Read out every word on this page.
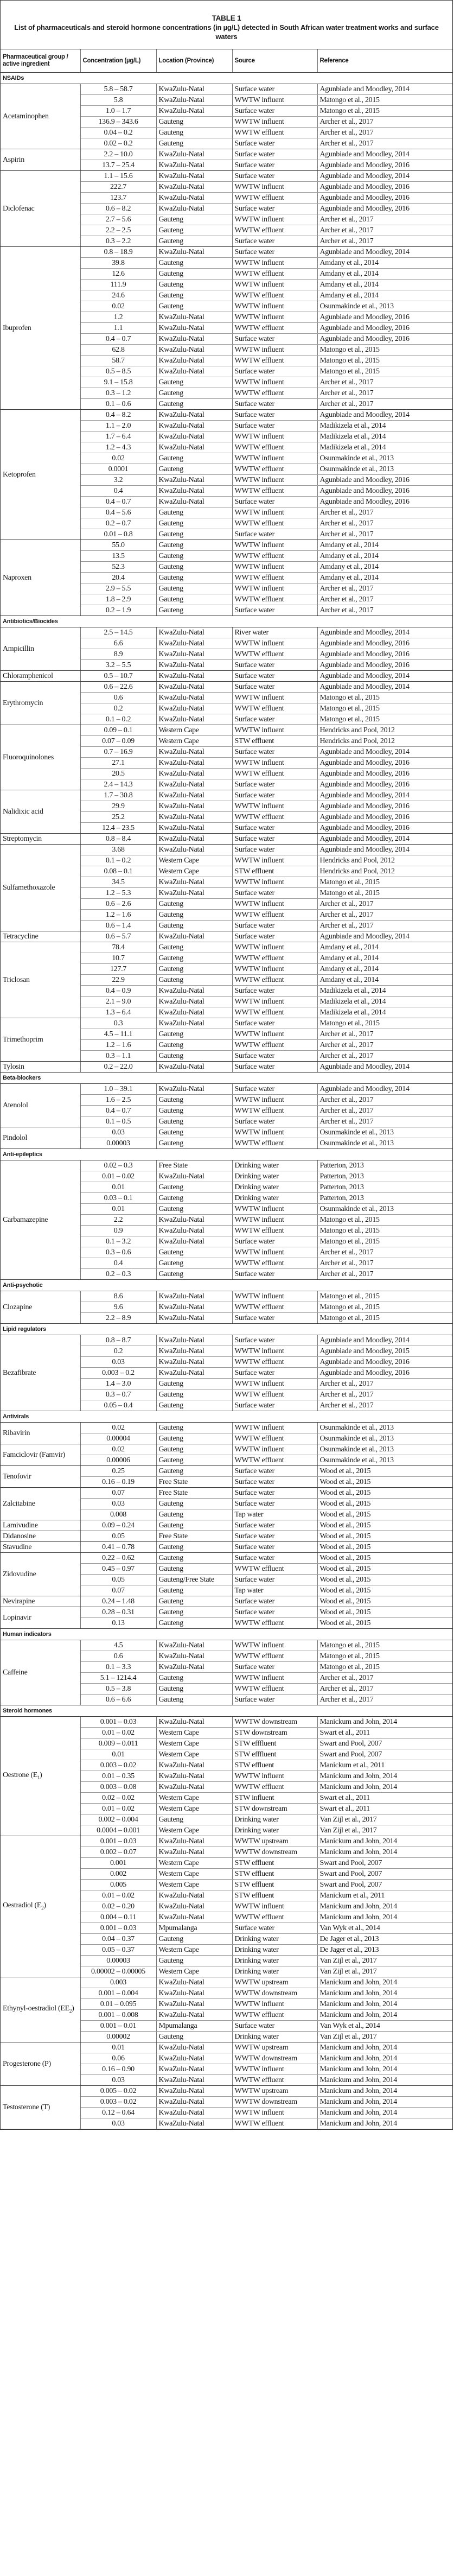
TABLE 1
List of pharmaceuticals and steroid hormone concentrations (in µg/L) detected in South African water treatment works and surface waters
Pharmaceutical group / active ingredient	Concentration (µg/L)	Location (Province)	Source	Reference
NSAIDs				
Acetaminophen	5.8 – 58.7	KwaZulu-Natal	Surface water	Agunbiade and Moodley, 2014
	5.8	KwaZulu-Natal	WWTW influent	Matongo et al., 2015
	1.0 – 1.7	KwaZulu-Natal	Surface water	Matongo et al., 2015
	136.9 – 343.6	Gauteng	WWTW influent	Archer et al., 2017
	0.04 – 0.2	Gauteng	WWTW effluent	Archer et al., 2017
	0.02 – 0.2	Gauteng	Surface water	Archer et al., 2017
Aspirin	2.2 – 10.0	KwaZulu-Natal	Surface water	Agunbiade and Moodley, 2014
	13.7 – 25.4	KwaZulu-Natal	Surface water	Agunbiade and Moodley, 2016
Diclofenac	1.1 – 15.6	KwaZulu-Natal	Surface water	Agunbiade and Moodley, 2014
	222.7	KwaZulu-Natal	WWTW influent	Agunbiade and Moodley, 2016
	123.7	KwaZulu-Natal	WWTW effluent	Agunbiade and Moodley, 2016
	0.6 – 8.2	KwaZulu-Natal	Surface water	Agunbiade and Moodley, 2016
	2.7 – 5.6	Gauteng	WWTW influent	Archer et al., 2017
	2.2 – 2.5	Gauteng	WWTW effluent	Archer et al., 2017
	0.3 – 2.2	Gauteng	Surface water	Archer et al., 2017
Ibuprofen	0.8 – 18.9	KwaZulu-Natal	Surface water	Agunbiade and Moodley, 2014
	39.8	Gauteng	WWTW influent	Amdany et al., 2014
	12.6	Gauteng	WWTW effluent	Amdany et al., 2014
	111.9	Gauteng	WWTW influent	Amdany et al., 2014
	24.6	Gauteng	WWTW effluent	Amdany et al., 2014
	0.02	Gauteng	WWTW influent	Osunmakinde et al., 2013
	1.2	KwaZulu-Natal	WWTW influent	Agunbiade and Moodley, 2016
	1.1	KwaZulu-Natal	WWTW effluent	Agunbiade and Moodley, 2016
	0.4 – 0.7	KwaZulu-Natal	Surface water	Agunbiade and Moodley, 2016
	62.8	KwaZulu-Natal	WWTW influent	Matongo et al., 2015
	58.7	KwaZulu-Natal	WWTW effluent	Matongo et al., 2015
	0.5 – 8.5	KwaZulu-Natal	Surface water	Matongo et al., 2015
	9.1 – 15.8	Gauteng	WWTW influent	Archer et al., 2017
	0.3 – 1.2	Gauteng	WWTW effluent	Archer et al., 2017
	0.1 – 0.6	Gauteng	Surface water	Archer et al., 2017
Ketoprofen	0.4 – 8.2	KwaZulu-Natal	Surface water	Agunbiade and Moodley, 2014
	1.1 – 2.0	KwaZulu-Natal	Surface water	Madikizela et al., 2014
	1.7 – 6.4	KwaZulu-Natal	WWTW influent	Madikizela et al., 2014
	1.2 – 4.3	KwaZulu-Natal	WWTW effluent	Madikizela et al., 2014
	0.02	Gauteng	WWTW influent	Osunmakinde et al., 2013
	0.0001	Gauteng	WWTW effluent	Osunmakinde et al., 2013
	3.2	KwaZulu-Natal	WWTW influent	Agunbiade and Moodley, 2016
	0.4	KwaZulu-Natal	WWTW effluent	Agunbiade and Moodley, 2016
	0.4 – 0.7	KwaZulu-Natal	Surface water	Agunbiade and Moodley, 2016
	0.4 – 5.6	Gauteng	WWTW influent	Archer et al., 2017
	0.2 – 0.7	Gauteng	WWTW effluent	Archer et al., 2017
	0.01 – 0.8	Gauteng	Surface water	Archer et al., 2017
Naproxen	55.0	Gauteng	WWTW influent	Amdany et al., 2014
	13.5	Gauteng	WWTW effluent	Amdany et al., 2014
	52.3	Gauteng	WWTW influent	Amdany et al., 2014
	20.4	Gauteng	WWTW effluent	Amdany et al., 2014
	2.9 – 5.5	Gauteng	WWTW influent	Archer et al., 2017
	1.8 – 2.9	Gauteng	WWTW effluent	Archer et al., 2017
	0.2 – 1.9	Gauteng	Surface water	Archer et al., 2017
Antibiotics/Biocides				
Ampicillin	2.5 – 14.5	KwaZulu-Natal	River water	Agunbiade and Moodley, 2014
	6.6	KwaZulu-Natal	WWTW influent	Agunbiade and Moodley, 2016
	8.9	KwaZulu-Natal	WWTW effluent	Agunbiade and Moodley, 2016
	3.2 – 5.5	KwaZulu-Natal	Surface water	Agunbiade and Moodley, 2016
Chloramphenicol	0.5 – 10.7	KwaZulu-Natal	Surface water	Agunbiade and Moodley, 2014
Erythromycin	0.6 – 22.6	KwaZulu-Natal	Surface water	Agunbiade and Moodley, 2014
	0.6	KwaZulu-Natal	WWTW influent	Matongo et al., 2015
	0.2	KwaZulu-Natal	WWTW effluent	Matongo et al., 2015
	0.1 – 0.2	KwaZulu-Natal	Surface water	Matongo et al., 2015
Fluoroquinolones	0.09 – 0.1	Western Cape	WWTW influent	Hendricks and Pool, 2012
	0.07 – 0.09	Western Cape	STW effluent	Hendricks and Pool, 2012
	0.7 – 16.9	KwaZulu-Natal	Surface water	Agunbiade and Moodley, 2014
	27.1	KwaZulu-Natal	WWTW influent	Agunbiade and Moodley, 2016
	20.5	KwaZulu-Natal	WWTW effluent	Agunbiade and Moodley, 2016
	2.4 – 14.3	KwaZulu-Natal	Surface water	Agunbiade and Moodley, 2016
Nalidixic acid	1.7 – 30.8	KwaZulu-Natal	Surface water	Agunbiade and Moodley, 2014
	29.9	KwaZulu-Natal	WWTW influent	Agunbiade and Moodley, 2016
	25.2	KwaZulu-Natal	WWTW effluent	Agunbiade and Moodley, 2016
	12.4 – 23.5	KwaZulu-Natal	Surface water	Agunbiade and Moodley, 2016
Streptomycin	0.8 – 8.4	KwaZulu-Natal	Surface water	Agunbiade and Moodley, 2014
Sulfamethoxazole	3.68	KwaZulu-Natal	Surface water	Agunbiade and Moodley, 2014
	0.1 – 0.2	Western Cape	WWTW influent	Hendricks and Pool, 2012
	0.08 – 0.1	Western Cape	STW effluent	Hendricks and Pool, 2012
	34.5	KwaZulu-Natal	WWTW influent	Matongo et al., 2015
	1.2 – 5.3	KwaZulu-Natal	Surface water	Matongo et al., 2015
	0.6 – 2.6	Gauteng	WWTW influent	Archer et al., 2017
	1.2 – 1.6	Gauteng	WWTW effluent	Archer et al., 2017
	0.6 – 1.4	Gauteng	Surface water	Archer et al., 2017
Tetracycline	0.6 – 5.7	KwaZulu-Natal	Surface water	Agunbiade and Moodley, 2014
Triclosan	78.4	Gauteng	WWTW influent	Amdany et al., 2014
	10.7	Gauteng	WWTW effluent	Amdany et al., 2014
	127.7	Gauteng	WWTW influent	Amdany et al., 2014
	22.9	Gauteng	WWTW effluent	Amdany et al., 2014
	0.4 – 0.9	KwaZulu-Natal	Surface water	Madikizela et al., 2014
	2.1 – 9.0	KwaZulu-Natal	WWTW influent	Madikizela et al., 2014
	1.3 – 6.4	KwaZulu-Natal	WWTW effluent	Madikizela et al., 2014
Trimethoprim	0.3	KwaZulu-Natal	Surface water	Matongo et al., 2015
	4.5 – 11.1	Gauteng	WWTW influent	Archer et al., 2017
	1.2 – 1.6	Gauteng	WWTW effluent	Archer et al., 2017
	0.3 – 1.1	Gauteng	Surface water	Archer et al., 2017
Tylosin	0.2 – 22.0	KwaZulu-Natal	Surface water	Agunbiade and Moodley, 2014
Beta-blockers				
Atenolol	1.0 – 39.1	KwaZulu-Natal	Surface water	Agunbiade and Moodley, 2014
	1.6 – 2.5	Gauteng	WWTW influent	Archer et al., 2017
	0.4 – 0.7	Gauteng	WWTW effluent	Archer et al., 2017
	0.1 – 0.5	Gauteng	Surface water	Archer et al., 2017
Pindolol	0.03	Gauteng	WWTW influent	Osunmakinde et al., 2013
	0.00003	Gauteng	WWTW effluent	Osunmakinde et al., 2013
Anti-epileptics				
Carbamazepine	0.02 – 0.3	Free State	Drinking water	Patterton, 2013
	0.01 – 0.02	KwaZulu-Natal	Drinking water	Patterton, 2013
	0.01	Gauteng	Drinking water	Patterton, 2013
	0.03 – 0.1	Gauteng	Drinking water	Patterton, 2013
	0.01	Gauteng	WWTW influent	Osunmakinde et al., 2013
	2.2	KwaZulu-Natal	WWTW influent	Matongo et al., 2015
	0.9	KwaZulu-Natal	WWTW effluent	Matongo et al., 2015
	0.1 – 3.2	KwaZulu-Natal	Surface water	Matongo et al., 2015
	0.3 – 0.6	Gauteng	WWTW influent	Archer et al., 2017
	0.4	Gauteng	WWTW effluent	Archer et al., 2017
	0.2 – 0.3	Gauteng	Surface water	Archer et al., 2017
Anti-psychotic				
Clozapine	8.6	KwaZulu-Natal	WWTW influent	Matongo et al., 2015
	9.6	KwaZulu-Natal	WWTW effluent	Matongo et al., 2015
	2.2 – 8.9	KwaZulu-Natal	Surface water	Matongo et al., 2015
Lipid regulators				
Bezafibrate	0.8 – 8.7	KwaZulu-Natal	Surface water	Agunbiade and Moodley, 2014
	0.2	KwaZulu-Natal	WWTW influent	Agunbiade and Moodley, 2015
	0.03	KwaZulu-Natal	WWTW effluent	Agunbiade and Moodley, 2016
	0.003 – 0.2	KwaZulu-Natal	Surface water	Agunbiade and Moodley, 2016
	1.4 – 3.0	Gauteng	WWTW influent	Archer et al., 2017
	0.3 – 0.7	Gauteng	WWTW effluent	Archer et al., 2017
	0.05 – 0.4	Gauteng	Surface water	Archer et al., 2017
Antivirals				
Ribavirin	0.02	Gauteng	WWTW influent	Osunmakinde et al., 2013
	0.00004	Gauteng	WWTW effluent	Osunmakinde et al., 2013
Famciclovir (Famvir)	0.02	Gauteng	WWTW influent	Osunmakinde et al., 2013
	0.00006	Gauteng	WWTW effluent	Osunmakinde et al., 2013
Tenofovir	0.25	Gauteng	Surface water	Wood et al., 2015
	0.16 – 0.19	Free State	Surface water	Wood et al., 2015
Zalcitabine	0.07	Free State	Surface water	Wood et al., 2015
	0.03	Gauteng	Surface water	Wood et al., 2015
	0.008	Gauteng	Tap water	Wood et al., 2015
Lamivudine	0.09 – 0.24	Gauteng	Surface water	Wood et al., 2015
Didanosine	0.05	Free State	Surface water	Wood et al., 2015
Stavudine	0.41 – 0.78	Gauteng	Surface water	Wood et al., 2015
Zidovudine	0.22 – 0.62	Gauteng	Surface water	Wood et al., 2015
	0.45 – 0.97	Gauteng	WWTW effluent	Wood et al., 2015
	0.05	Gauteng/Free State	Surface water	Wood et al., 2015
	0.07	Gauteng	Tap water	Wood et al., 2015
Nevirapine	0.24 – 1.48	Gauteng	Surface water	Wood et al., 2015
Lopinavir	0.28 – 0.31	Gauteng	Surface water	Wood et al., 2015
	0.13	Gauteng	WWTW effluent	Wood et al., 2015
Human indicators				
Caffeine	4.5	KwaZulu-Natal	WWTW influent	Matongo et al., 2015
	0.6	KwaZulu-Natal	WWTW effluent	Matongo et al., 2015
	0.1 – 3.3	KwaZulu-Natal	Surface water	Matongo et al., 2015
	5.1 – 1214.4	Gauteng	WWTW influent	Archer et al., 2017
	0.5 – 3.8	Gauteng	WWTW effluent	Archer et al., 2017
	0.6 – 6.6	Gauteng	Surface water	Archer et al., 2017
Steroid hormones				
Oestrone $(E_1)$	0.001 – 0.03	KwaZulu-Natal	WWTW downstream	Manickum and John, 2014
	0.01 – 0.02	Western Cape	STW downstream	Swart et al., 2011
	0.009 – 0.011	Western Cape	STW efffluent	Swart and Pool, 2007
	0.01	Western Cape	STW efffluent	Swart and Pool, 2007
	0.003 – 0.02	KwaZulu-Natal	STW effluent	Manickum et al., 2011
	0.01 – 0.35	KwaZulu-Natal	WWTW influent	Manickum and John, 2014
	0.003 – 0.08	KwaZulu-Natal	WWTW effluent	Manickum and John, 2014
	0.02 – 0.02	Western Cape	STW influent	Swart et al., 2011
	0.01 – 0.02	Western Cape	STW downstream	Swart et al., 2011
	0.002 – 0.004	Gauteng	Drinking water	Van Zijl et al., 2017
	0.0004 – 0.001	Western Cape	Drinking water	Van Zijl et al., 2017
Oestradiol $(E_2)$	0.001 – 0.03	KwaZulu-Natal	WWTW upstream	Manickum and John, 2014
	0.002 – 0.07	KwaZulu-Natal	WWTW downstream	Manickum and John, 2014
	0.001	Western Cape	STW effluent	Swart and Pool, 2007
	0.002	Western Cape	STW effluent	Swart and Pool, 2007
	0.005	Western Cape	STW effluent	Swart and Pool, 2007
	0.01 – 0.02	KwaZulu-Natal	STW effluent	Manickum et al., 2011
	0.02 – 0.20	KwaZulu-Natal	WWTW influent	Manickum and John, 2014
	0.004 – 0.11	KwaZulu-Natal	WWTW effluent	Manickum and John, 2014
	0.001 – 0.03	Mpumalanga	Surface water	Van Wyk et al., 2014
	0.04 – 0.37	Gauteng	Drinking water	De Jager et al., 2013
	0.05 – 0.37	Western Cape	Drinking water	De Jager et al., 2013
	0.00003	Gauteng	Drinking water	Van Zijl et al., 2017
	0.00002 – 0.00005	Western Cape	Drinking water	Van Zijl et al., 2017
Ethynyl-oestradiol $(EE_2)$	0.003	KwaZulu-Natal	WWTW upstream	Manickum and John, 2014
	0.001 – 0.004	KwaZulu-Natal	WWTW downstream	Manickum and John, 2014
	0.01 – 0.095	KwaZulu-Natal	WWTW influent	Manickum and John, 2014
	0.001 – 0.008	KwaZulu-Natal	WWTW effluent	Manickum and John, 2014
	0.001 – 0.01	Mpumalanga	Surface water	Van Wyk et al., 2014
	0.00002	Gauteng	Drinking water	Van Zijl et al., 2017
Progesterone (P)	0.01	KwaZulu-Natal	WWTW upstream	Manickum and John, 2014
	0.06	KwaZulu-Natal	WWTW downstream	Manickum and John, 2014
	0.16 – 0.90	KwaZulu-Natal	WWTW influent	Manickum and John, 2014
	0.03	KwaZulu-Natal	WWTW effluent	Manickum and John, 2014
Testosterone (T)	0.005 – 0.02	KwaZulu-Natal	WWTW upstream	Manickum and John, 2014
	0.003 – 0.02	KwaZulu-Natal	WWTW downstream	Manickum and John, 2014
	0.12 – 0.64	KwaZulu-Natal	WWTW influent	Manickum and John, 2014
	0.03	KwaZulu-Natal	WWTW effluent	Manickum and John, 2014
